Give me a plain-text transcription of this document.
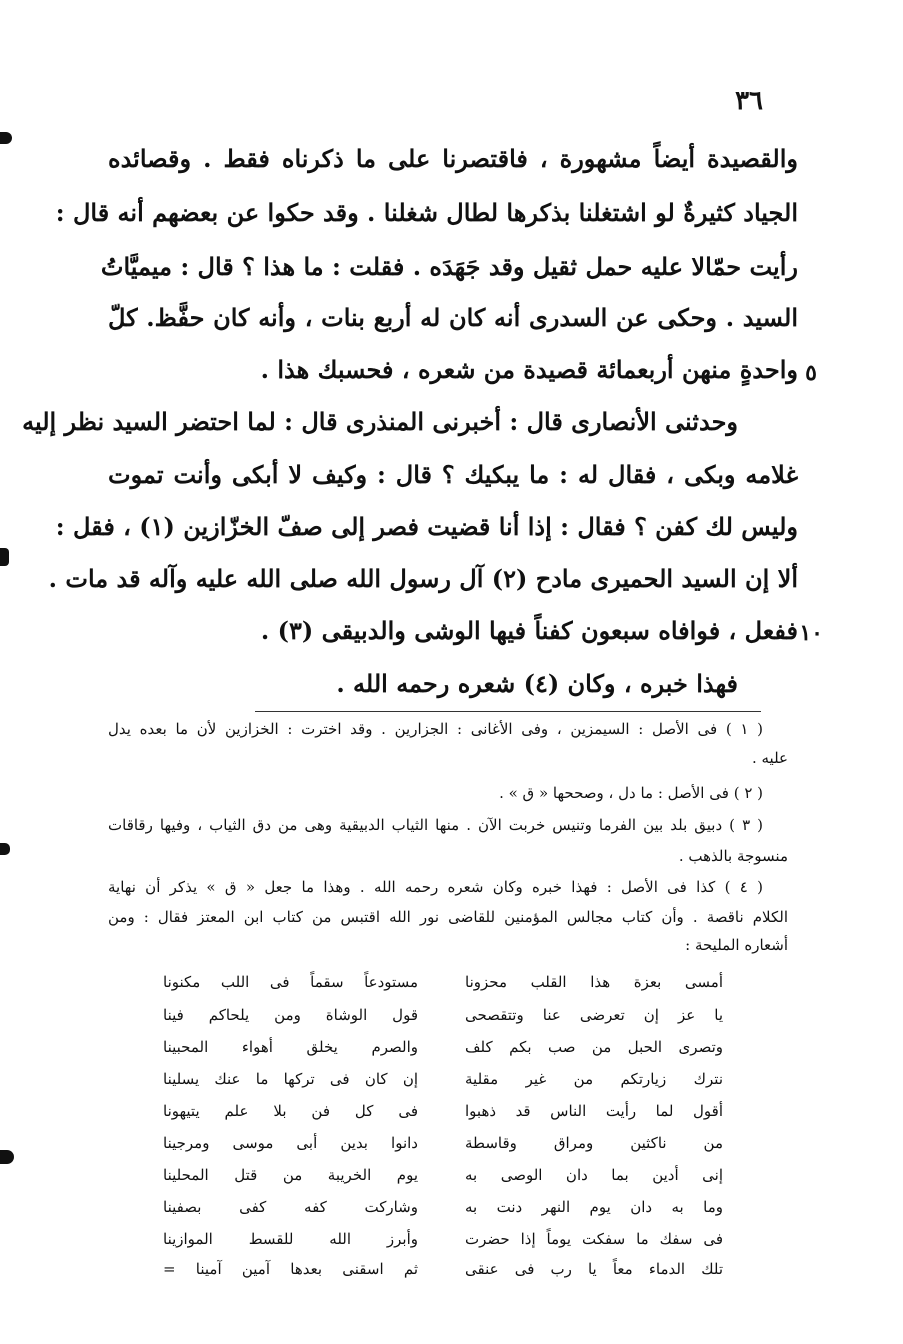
٣٦
والقصيدة أيضاً مشهورة ، فاقتصرنا على ما ذكرناه فقط . وقصائده
الجياد كثيرةٌ لو اشتغلنا بذكرها لطال شغلنا . وقد حكوا عن بعضهم أنه قال :
رأيت حمّالا عليه حمل ثقيل وقد جَهَدَه . فقلت : ما هذا ؟ قال : ميميَّاتُ
السيد . وحكى عن السدرى أنه كان له أربع بنات ، وأنه كان حفَّظ. كلّ
واحدةٍ منهن أربعمائة قصيدة من شعره ، فحسبك هذا . ٥
وحدثنى الأنصارى قال : أخبرنى المنذرى قال : لما احتضر السيد نظر إليه
غلامه وبكى ، فقال له : ما يبكيك ؟ قال : وكيف لا أبكى وأنت تموت
وليس لك كفن ؟ فقال : إذا أنا قضيت فصر إلى صفّ الخزّازين (١) ، فقل :
ألا إن السيد الحميرى مادح (٢) آل رسول الله صلى الله عليه وآله قد مات .
ففعل ، فوافاه سبعون كفناً فيها الوشى والدبيقى (٣) . ١٠
فهذا خبره ، وكان (٤) شعره رحمه الله .
( ١ ) فى الأصل : السيمزين ، وفى الأغانى : الجزارين . وقد اخترت : الخزازين لأن ما بعده يدل
عليه .
( ٢ ) فى الأصل : ما دل ، وصححها « ق » .
( ٣ ) دبيق بلد بين الفرما وتنيس خربت الآن . منها الثياب الدبيقية وهى من دق الثياب ، وفيها رقاقات
منسوجة بالذهب .
( ٤ ) كذا فى الأصل : فهذا خبره وكان شعره رحمه الله . وهذا ما جعل « ق » يذكر أن نهاية
الكلام ناقصة . وأن كتاب مجالس المؤمنين للقاضى نور الله اقتبس من كتاب ابن المعتز فقال : ومن
أشعاره المليحة :
أمسى بعزة هذا القلب محزونا
مستودعاً سقماً فى اللب مكنونا
يا عز إن تعرضى عنا وتتقصحى
قول الوشاة ومن يلحاكم فينا
وتصرى الحبل من صب بكم كلف
والصرم يخلق أهواء المحبينا
نترك زيارتكم من غير مقلية
إن كان فى تركها ما عنك يسلينا
أقول لما رأيت الناس قد ذهبوا
فى كل فن بلا علم يتيهونا
من ناكثين ومراق وقاسطة
دانوا بدين أبى موسى ومرجينا
إنى أدين بما دان الوصى به
يوم الخريبة من قتل المحلينا
وما به دان يوم النهر دنت به
وشاركت كفه كفى بصفينا
فى سفك ما سفكت يوماً إذا حضرت
وأبرز الله للقسط الموازينا
تلك الدماء معاً يا رب فى عنقى
ثم اسقنى بعدها آمين آمينا =
